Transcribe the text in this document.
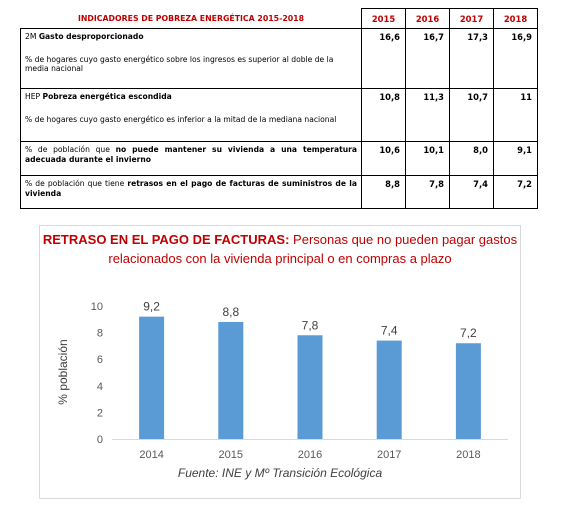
INDICADORES DE POBREZA ENERGÉTICA 2015-2018	2015	2016	2017	2018

2M Gasto desproporcionado
% de hogares cuyo gasto energético sobre los ingresos es superior al doble de la media nacional	16,6	16,7	17,3	16,9

HEP Pobreza energética escondida
% de hogares cuyo gasto energético es inferior a la mitad de la mediana nacional	10,8	11,3	10,7	11
% de población que no puede mantener su vivienda a una temperatura adecuada durante el invierno	10,6	10,1	8,0	9,1
% de población que tiene retrasos en el pago de facturas de suministros de la vivienda	8,8	7,8	7,4	7,2
RETRASO EN EL PAGO DE FACTURAS: Personas que no pueden pagar gastos relacionados con la vivienda principal o en compras a plazo
0
2
4
6
8
10	9,2
2014
8,8
2015
7,8
2016
7,4
2017
7,2
2018
% población
Fuente: INE y Mº Transición Ecológica
